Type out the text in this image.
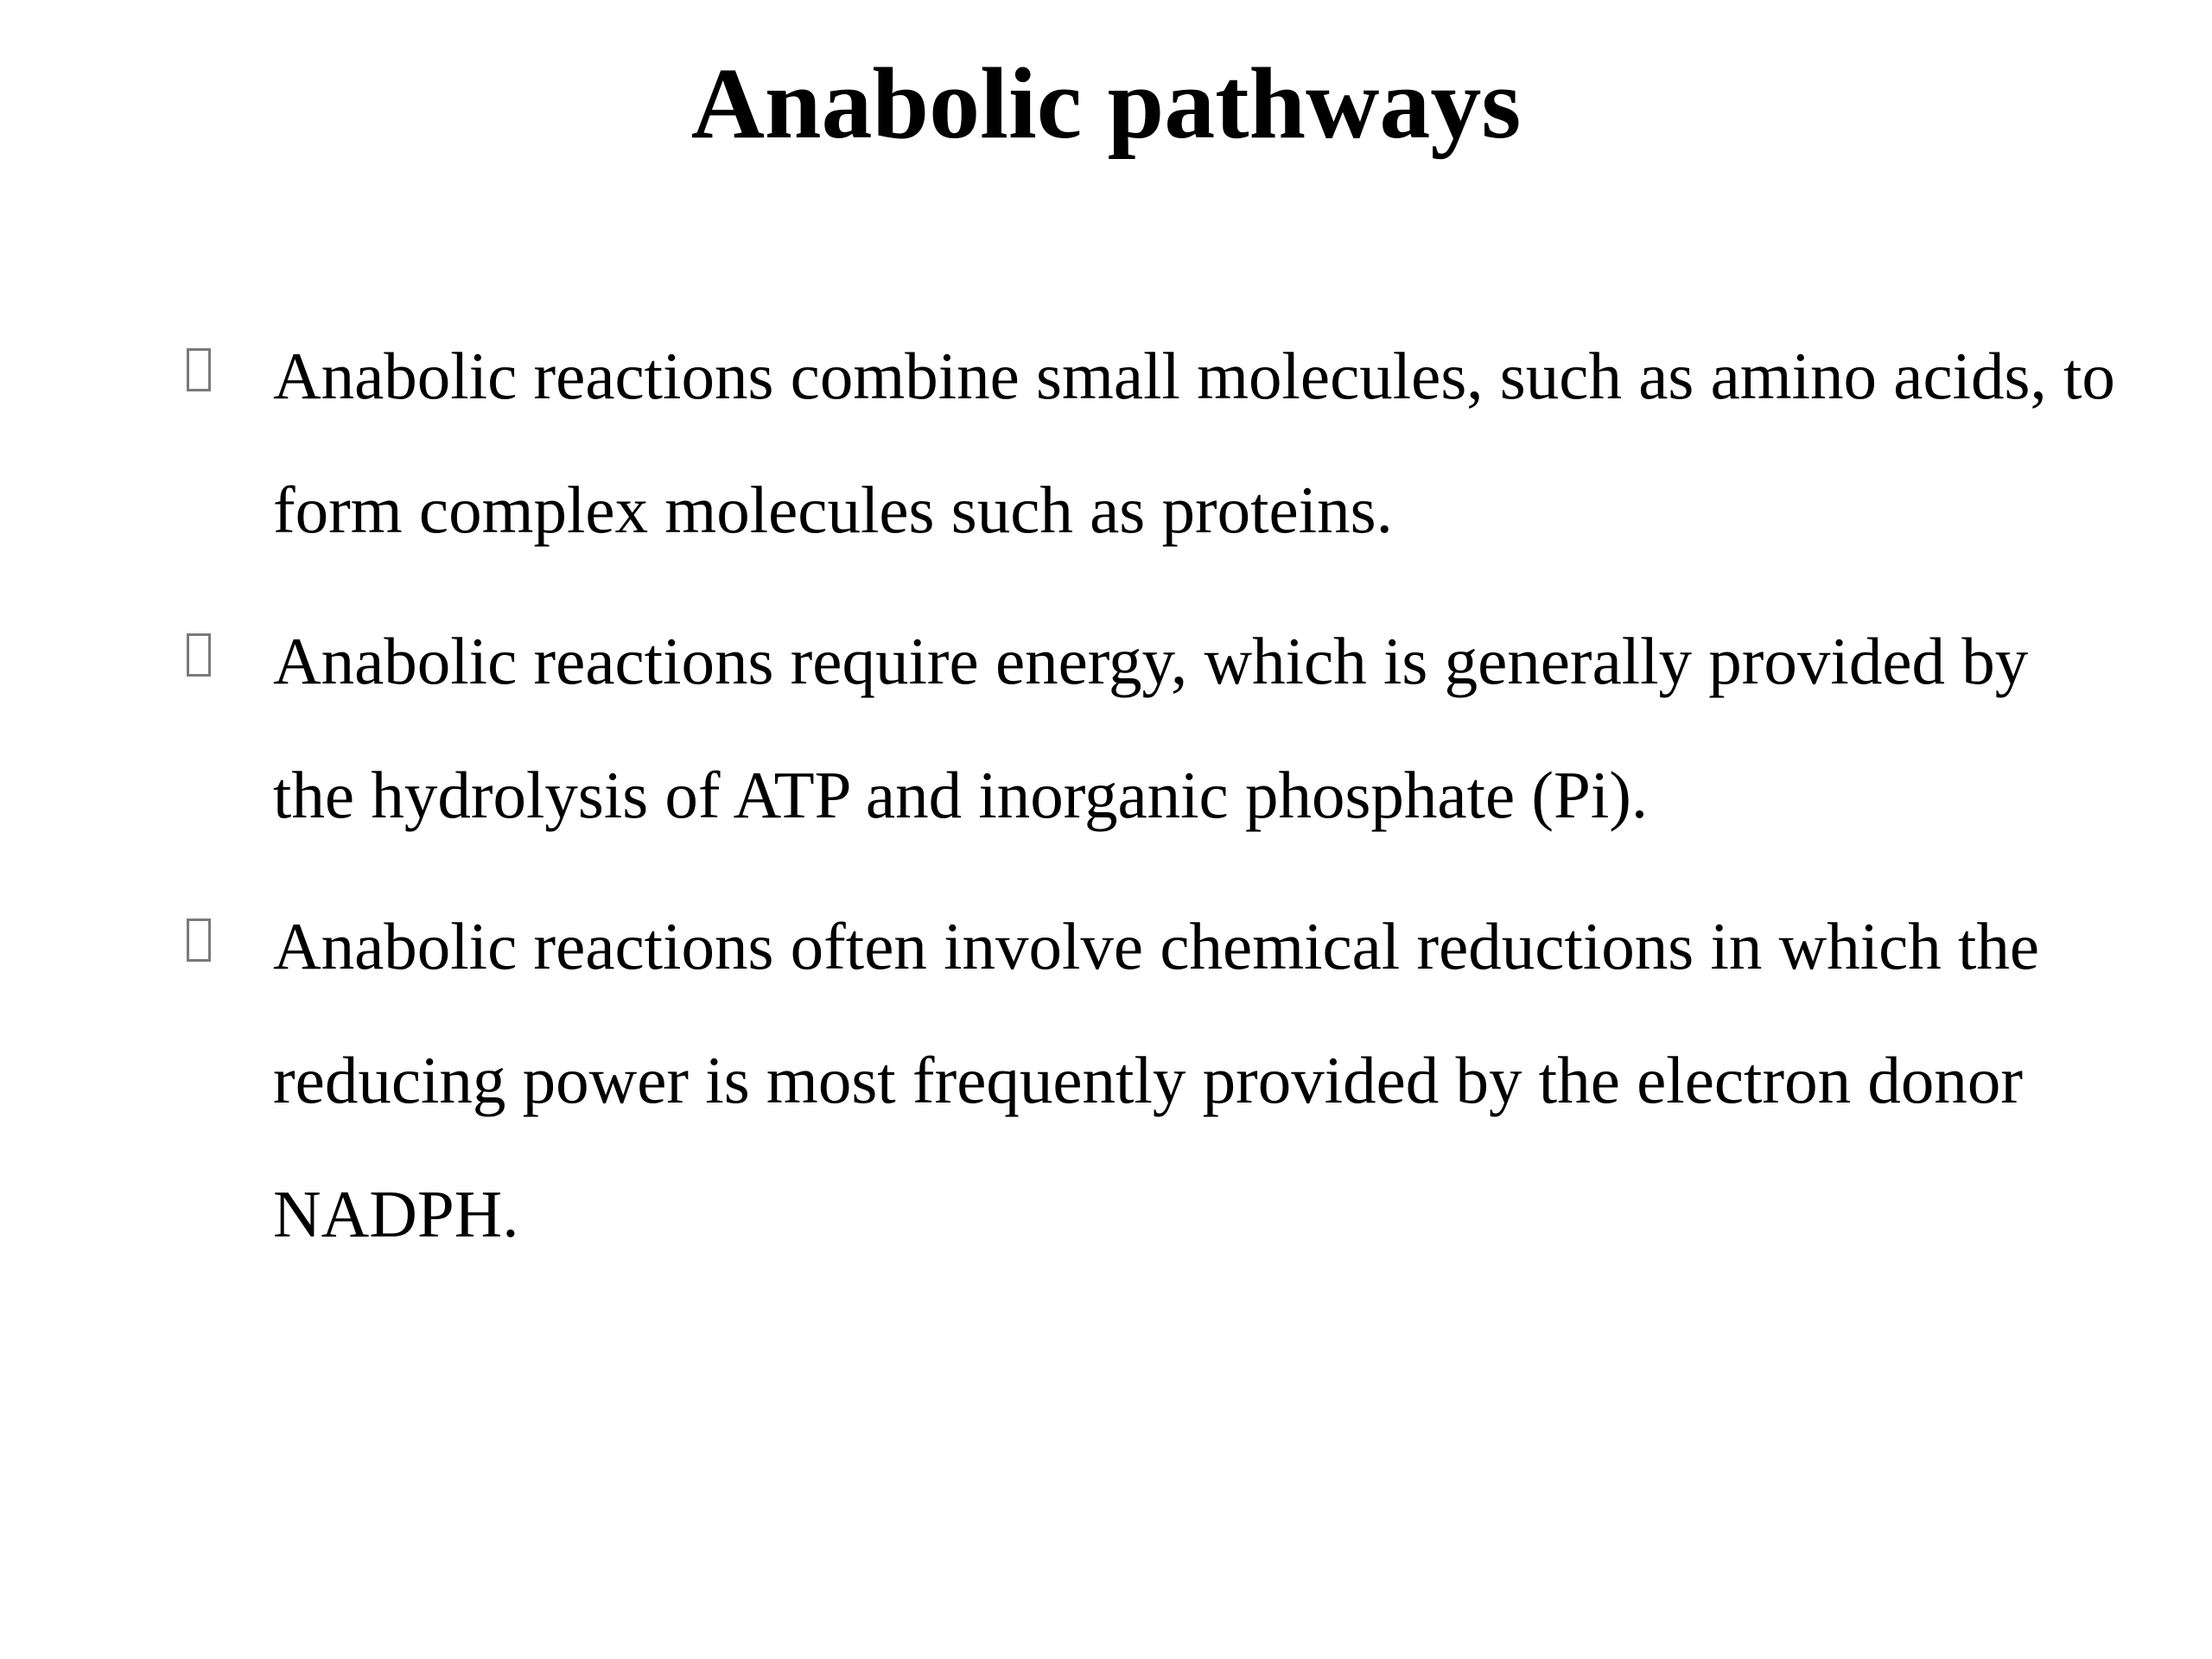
Anabolic pathways
Anabolic reactions combine small molecules, such as amino acids, to form complex molecules such as proteins.
Anabolic reactions require energy, which is generally provided by the hydrolysis of ATP and inorganic phosphate (Pi).
Anabolic reactions often involve chemical reductions in which the reducing power is most frequently provided by the electron donor NADPH.
